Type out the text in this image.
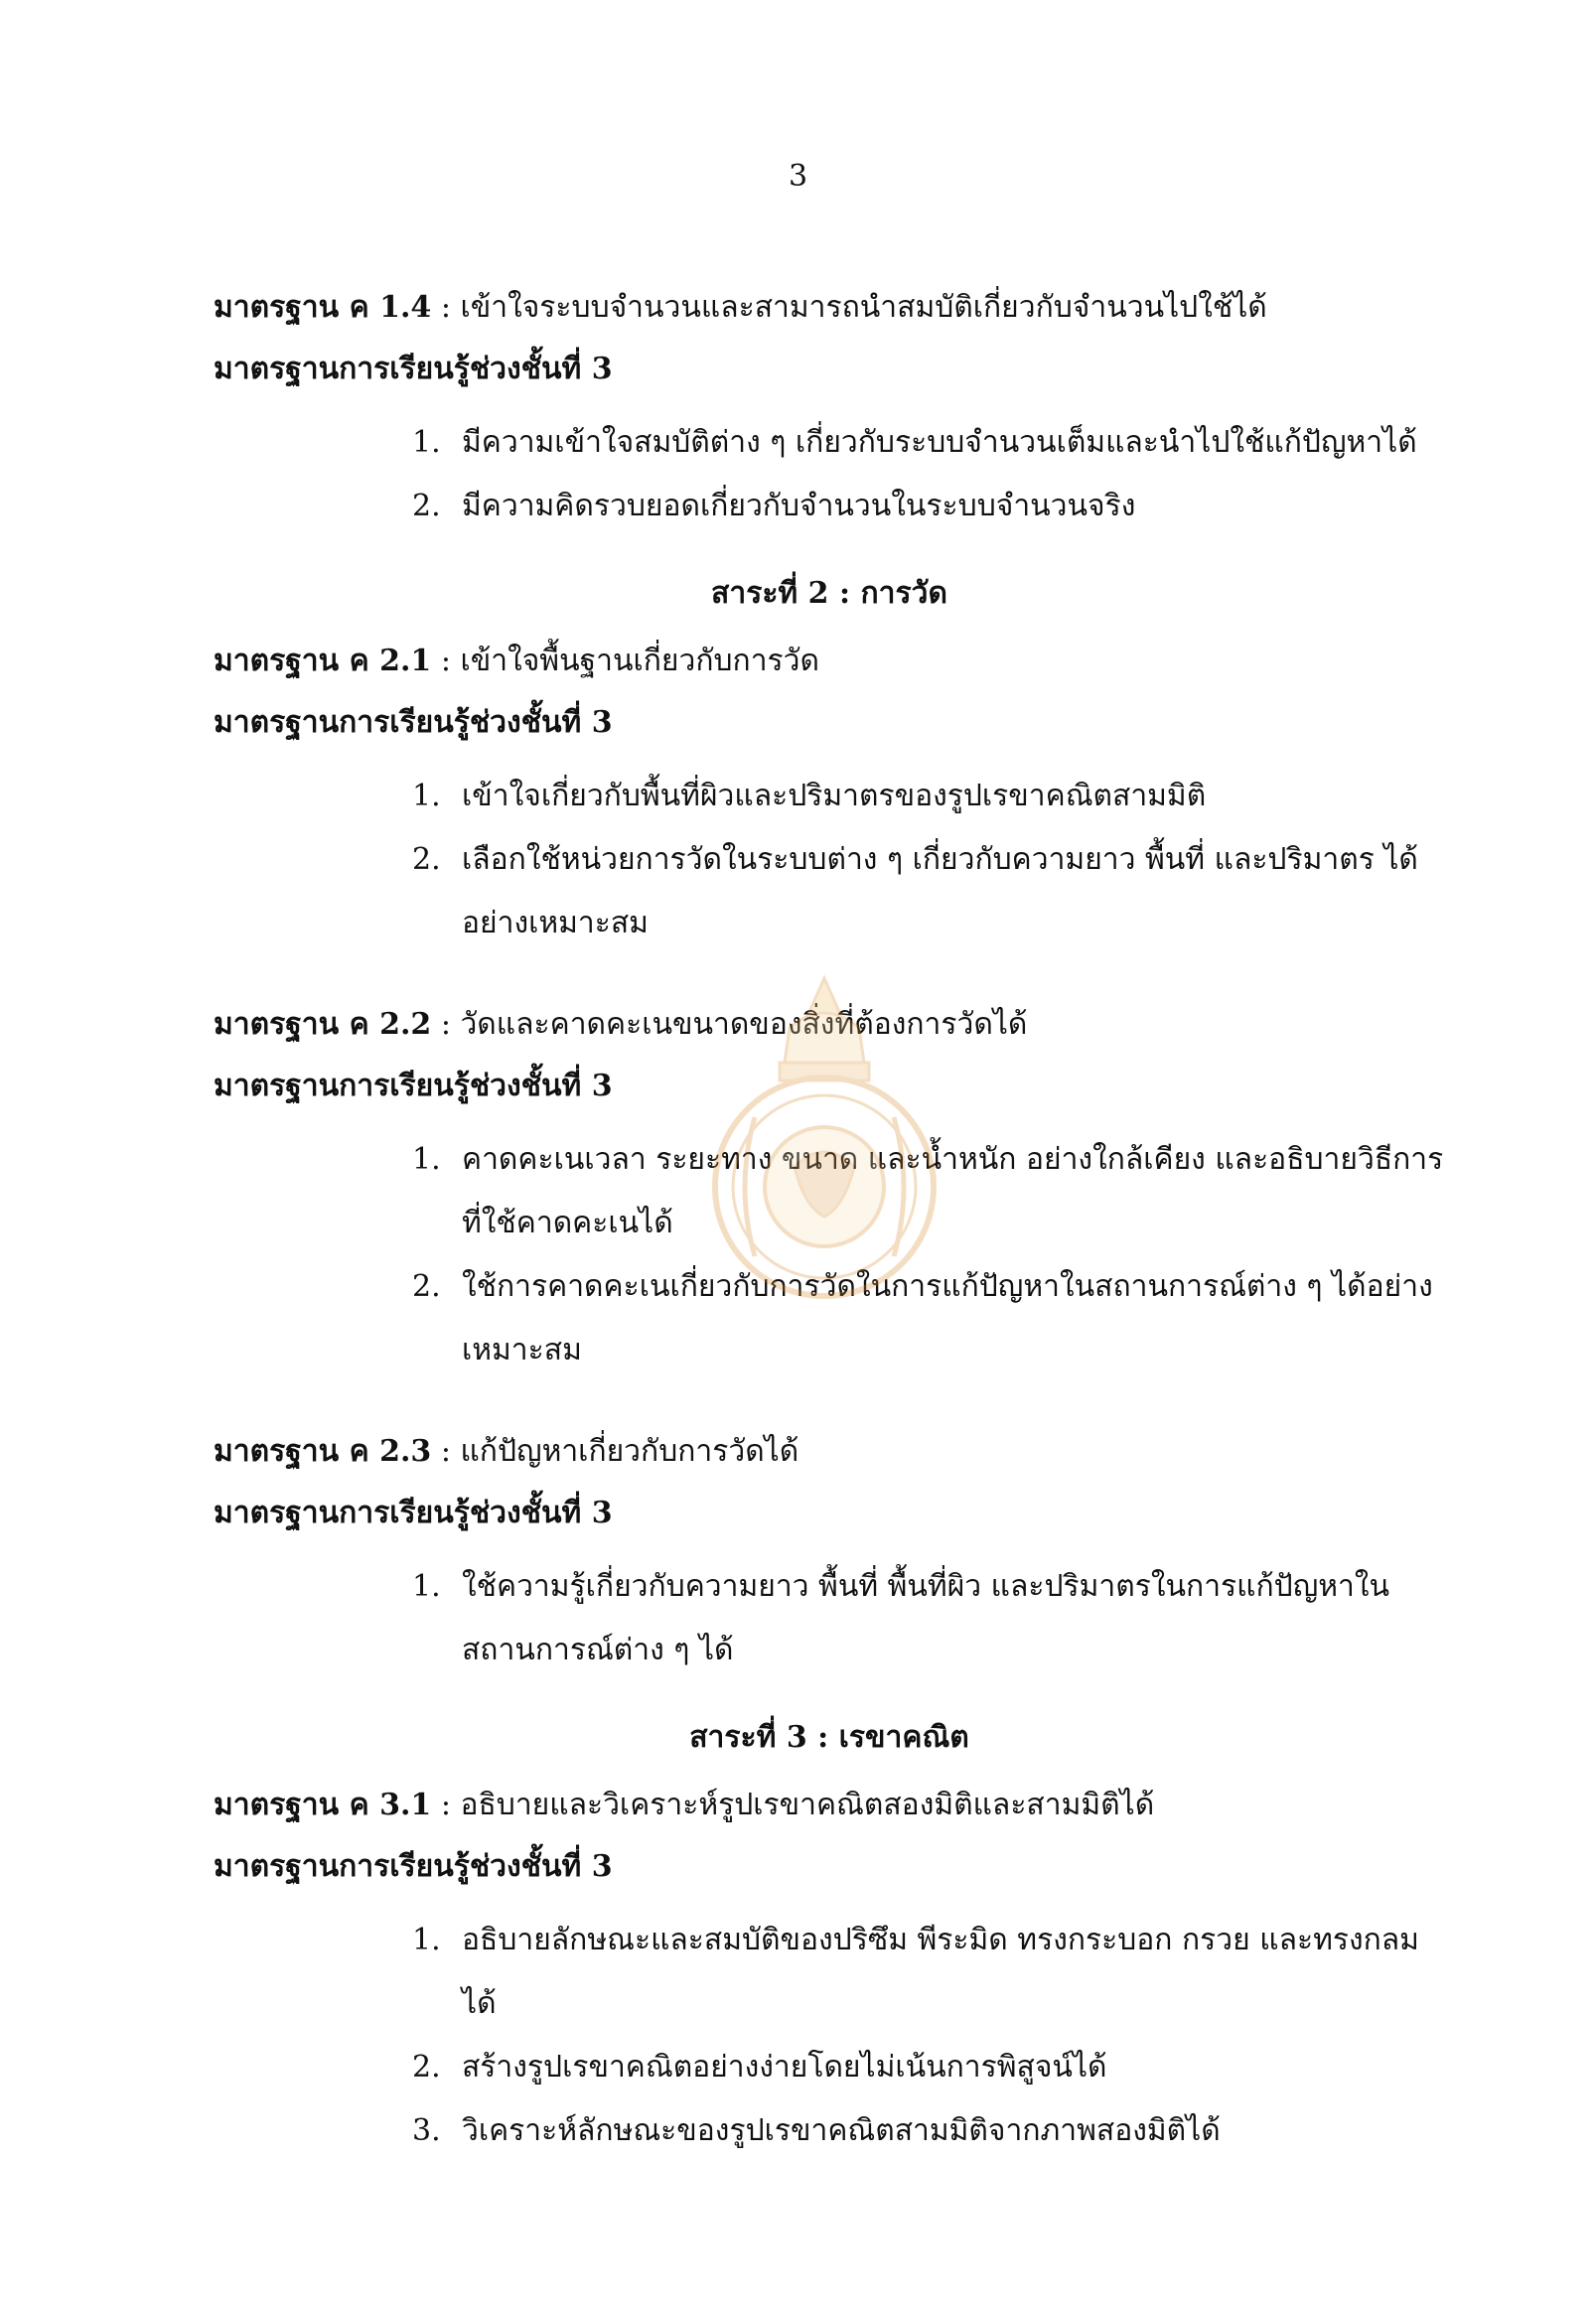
3

มาตรฐาน ค 1.4 : เข้าใจระบบจำนวนและสามารถนำสมบัติเกี่ยวกับจำนวนไปใช้ได้

มาตรฐานการเรียนรู้ช่วงชั้นที่ 3

1. มีความเข้าใจสมบัติต่าง ๆ เกี่ยวกับระบบจำนวนเต็มและนำไปใช้แก้ปัญหาได้
2. มีความคิดรวบยอดเกี่ยวกับจำนวนในระบบจำนวนจริง
สาระที่ 2 : การวัด

มาตรฐาน ค 2.1 : เข้าใจพื้นฐานเกี่ยวกับการวัด

มาตรฐานการเรียนรู้ช่วงชั้นที่ 3

1. เข้าใจเกี่ยวกับพื้นที่ผิวและปริมาตรของรูปเรขาคณิตสามมิติ
2. เลือกใช้หน่วยการวัดในระบบต่าง ๆ เกี่ยวกับความยาว พื้นที่ และปริมาตร ได้อย่างเหมาะสม

มาตรฐาน ค 2.2 : วัดและคาดคะเนขนาดของสิ่งที่ต้องการวัดได้

มาตรฐานการเรียนรู้ช่วงชั้นที่ 3

1. คาดคะเนเวลา ระยะทาง ขนาด และน้ำหนัก อย่างใกล้เคียง และอธิบายวิธีการที่ใช้คาดคะเนได้
2. ใช้การคาดคะเนเกี่ยวกับการวัดในการแก้ปัญหาในสถานการณ์ต่าง ๆ ได้อย่างเหมาะสม

มาตรฐาน ค 2.3 : แก้ปัญหาเกี่ยวกับการวัดได้

มาตรฐานการเรียนรู้ช่วงชั้นที่ 3

1. ใช้ความรู้เกี่ยวกับความยาว พื้นที่ พื้นที่ผิว และปริมาตรในการแก้ปัญหาในสถานการณ์ต่าง ๆ ได้
สาระที่ 3 : เรขาคณิต

มาตรฐาน ค 3.1 : อธิบายและวิเคราะห์รูปเรขาคณิตสองมิติและสามมิติได้

มาตรฐานการเรียนรู้ช่วงชั้นที่ 3

1. อธิบายลักษณะและสมบัติของปริซึม พีระมิด ทรงกระบอก กรวย และทรงกลมได้
2. สร้างรูปเรขาคณิตอย่างง่ายโดยไม่เน้นการพิสูจน์ได้
3. วิเคราะห์ลักษณะของรูปเรขาคณิตสามมิติจากภาพสองมิติได้
